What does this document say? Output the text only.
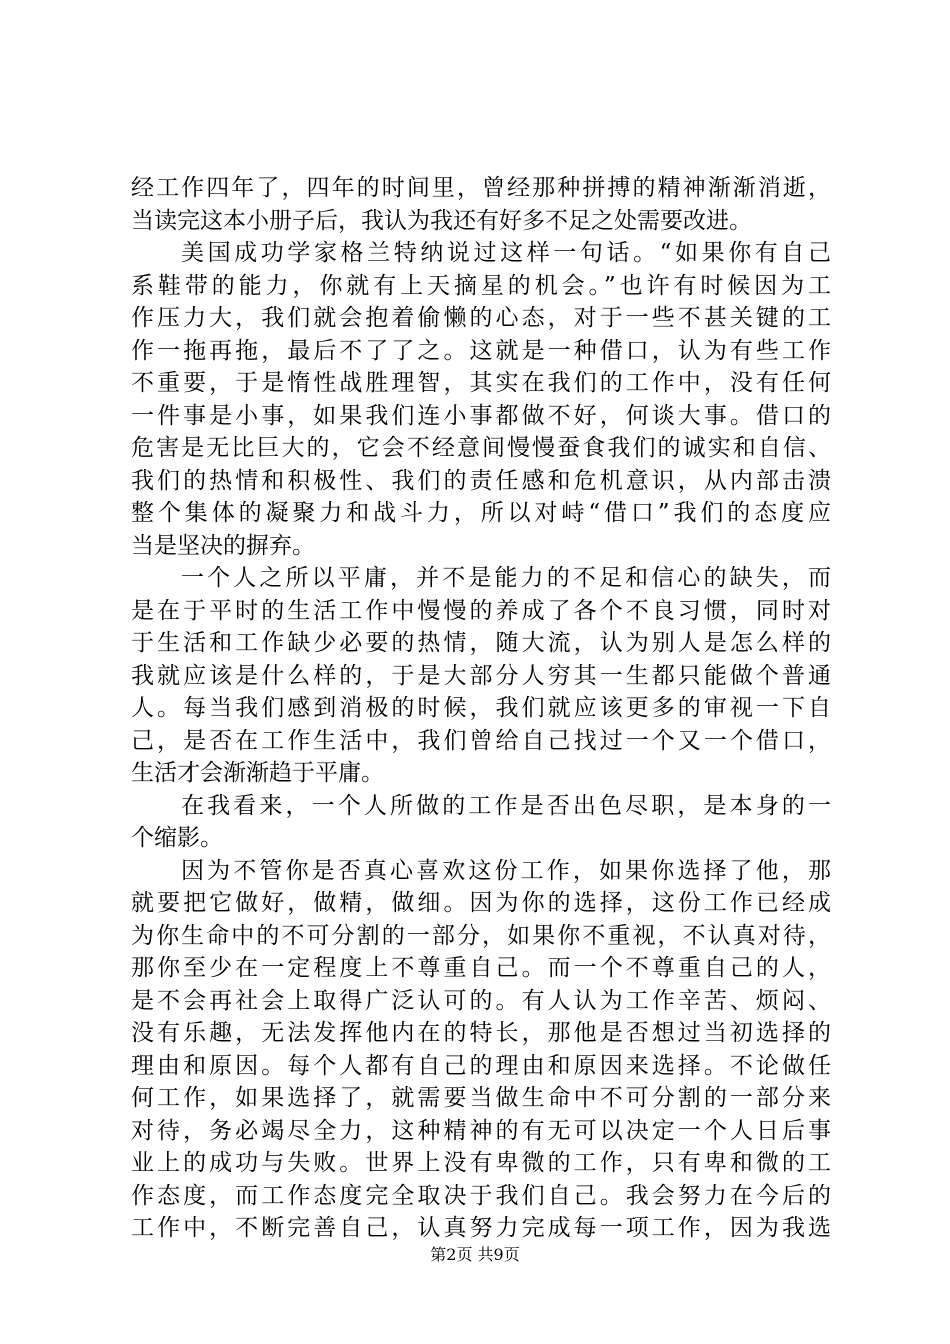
经工作四年了，四年的时间里，曾经那种拼搏的精神渐渐消逝，
当读完这本小册子后，我认为我还有好多不足之处需要改进。
美国成功学家格兰特纳说过这样一句话。“如果你有自己
系鞋带的能力，你就有上天摘星的机会。”也许有时候因为工
作压力大，我们就会抱着偷懒的心态，对于一些不甚关键的工
作一拖再拖，最后不了了之。这就是一种借口，认为有些工作
不重要，于是惰性战胜理智，其实在我们的工作中，没有任何
一件事是小事，如果我们连小事都做不好，何谈大事。借口的
危害是无比巨大的，它会不经意间慢慢蚕食我们的诚实和自信、
我们的热情和积极性、我们的责任感和危机意识，从内部击溃
整个集体的凝聚力和战斗力，所以对峙“借口”我们的态度应
当是坚决的摒弃。
一个人之所以平庸，并不是能力的不足和信心的缺失，而
是在于平时的生活工作中慢慢的养成了各个不良习惯，同时对
于生活和工作缺少必要的热情，随大流，认为别人是怎么样的
我就应该是什么样的，于是大部分人穷其一生都只能做个普通
人。每当我们感到消极的时候，我们就应该更多的审视一下自
己，是否在工作生活中，我们曾给自己找过一个又一个借口，
生活才会渐渐趋于平庸。
在我看来，一个人所做的工作是否出色尽职，是本身的一
个缩影。
因为不管你是否真心喜欢这份工作，如果你选择了他，那
就要把它做好，做精，做细。因为你的选择，这份工作已经成
为你生命中的不可分割的一部分，如果你不重视，不认真对待，
那你至少在一定程度上不尊重自己。而一个不尊重自己的人，
是不会再社会上取得广泛认可的。有人认为工作辛苦、烦闷、
没有乐趣，无法发挥他内在的特长，那他是否想过当初选择的
理由和原因。每个人都有自己的理由和原因来选择。不论做任
何工作，如果选择了，就需要当做生命中不可分割的一部分来
对待，务必竭尽全力，这种精神的有无可以决定一个人日后事
业上的成功与失败。世界上没有卑微的工作，只有卑和微的工
作态度，而工作态度完全取决于我们自己。我会努力在今后的
工作中，不断完善自己，认真努力完成每一项工作，因为我选
第2页 共9页
